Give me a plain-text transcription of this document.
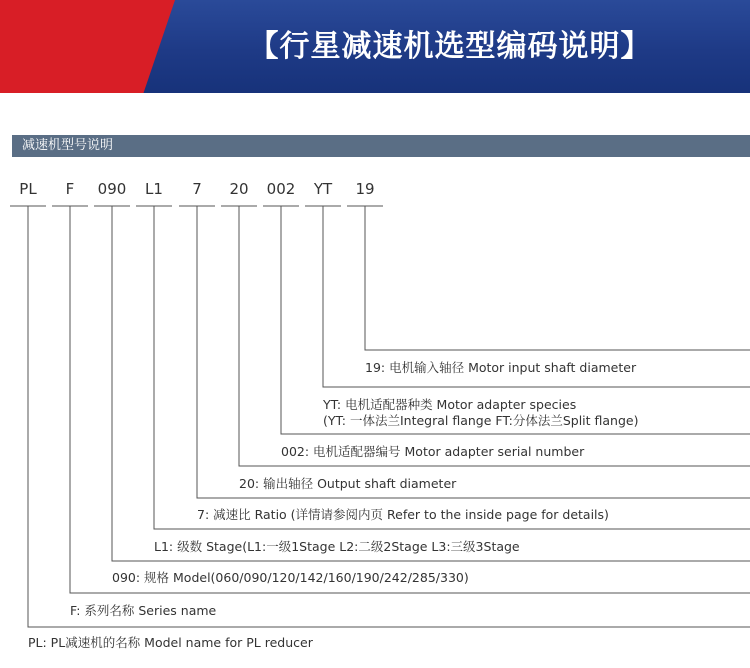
【行星减速机选型编码说明】
减速机型号说明
PL F 090 L1 7 20 002 YT 19
PL: PL减速机的名称 Model name for PL reducer
F: 系列名称 Series name
090: 规格 Model(060/090/120/142/160/190/242/285/330)
L1: 级数 Stage(L1:一级1Stage L2:二级2Stage L3:三级3Stage
7: 减速比 Ratio (详情请参阅内页 Refer to the inside page for details)
20: 输出轴径 Output shaft diameter
002: 电机适配器编号 Motor adapter serial number
YT: 电机适配器种类 Motor adapter species
(YT: 一体法兰Integral flange FT:分体法兰Split flange)
19: 电机输入轴径 Motor input shaft diameter
